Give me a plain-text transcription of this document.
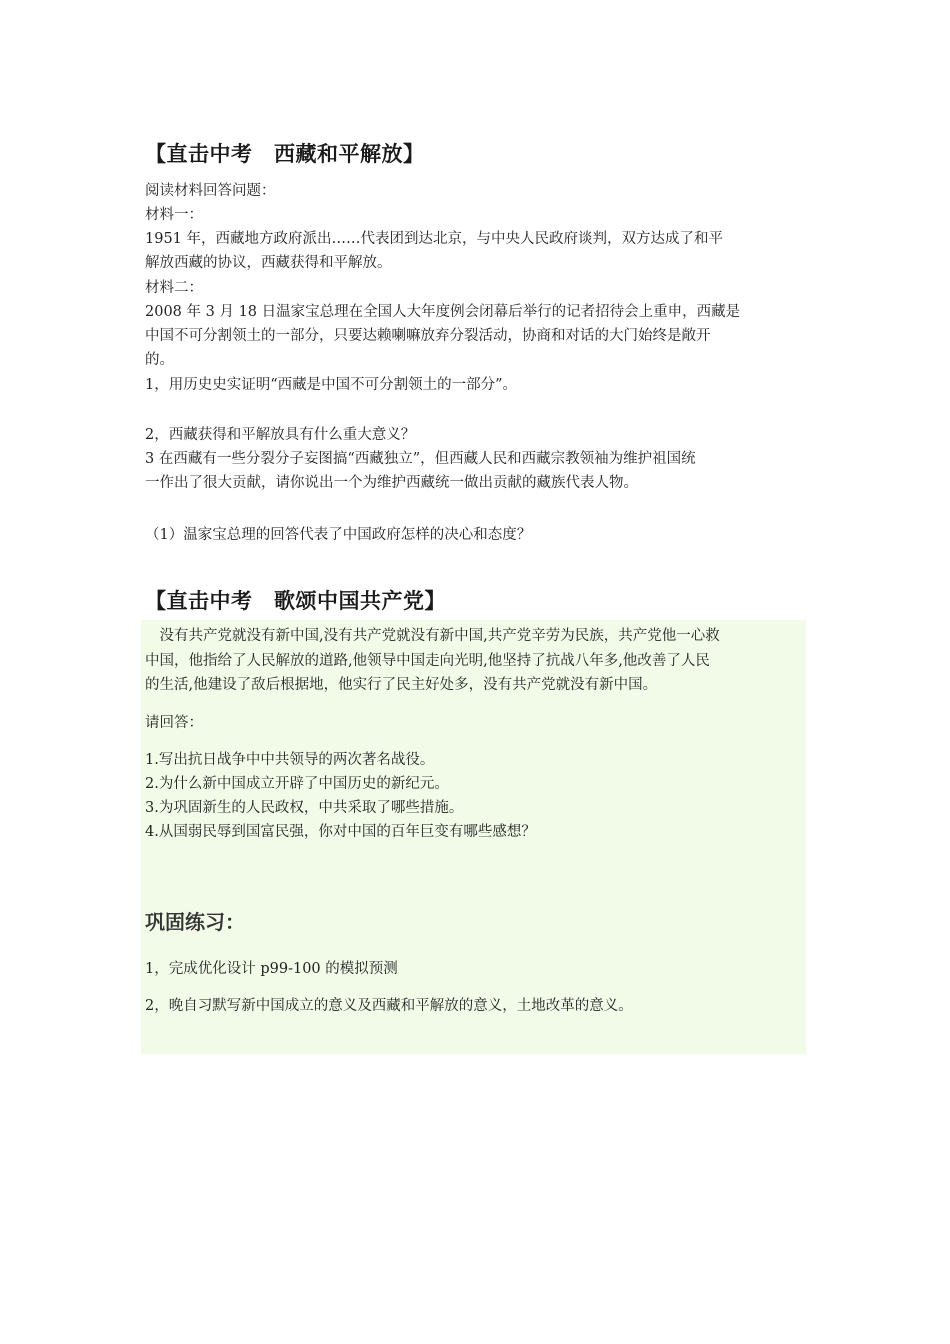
【直击中考　西藏和平解放】
阅读材料回答问题：
材料一：
1951 年，西藏地方政府派出……代表团到达北京，与中央人民政府谈判，双方达成了和平
解放西藏的协议，西藏获得和平解放。
材料二：
2008 年 3 月 18 日温家宝总理在全国人大年度例会闭幕后举行的记者招待会上重申，西藏是
中国不可分割领土的一部分，只要达赖喇嘛放弃分裂活动，协商和对话的大门始终是敞开
的。
1，用历史史实证明“西藏是中国不可分割领土的一部分”。
2，西藏获得和平解放具有什么重大意义？
3 在西藏有一些分裂分子妄图搞“西藏独立”，但西藏人民和西藏宗教领袖为维护祖国统
一作出了很大贡献，请你说出一个为维护西藏统一做出贡献的藏族代表人物。
（1）温家宝总理的回答代表了中国政府怎样的决心和态度？
【直击中考　歌颂中国共产党】
　没有共产党就没有新中国,没有共产党就没有新中国,共产党辛劳为民族，共产党他一心救
中国，他指给了人民解放的道路,他领导中国走向光明,他坚持了抗战八年多,他改善了人民
的生活,他建设了敌后根据地，他实行了民主好处多，没有共产党就没有新中国。
请回答：
1.写出抗日战争中中共领导的两次著名战役。
2.为什么新中国成立开辟了中国历史的新纪元。
3.为巩固新生的人民政权，中共采取了哪些措施。
4.从国弱民辱到国富民强，你对中国的百年巨变有哪些感想？
巩固练习：
1，完成优化设计 p99-100 的模拟预测
2，晚自习默写新中国成立的意义及西藏和平解放的意义，土地改革的意义。
